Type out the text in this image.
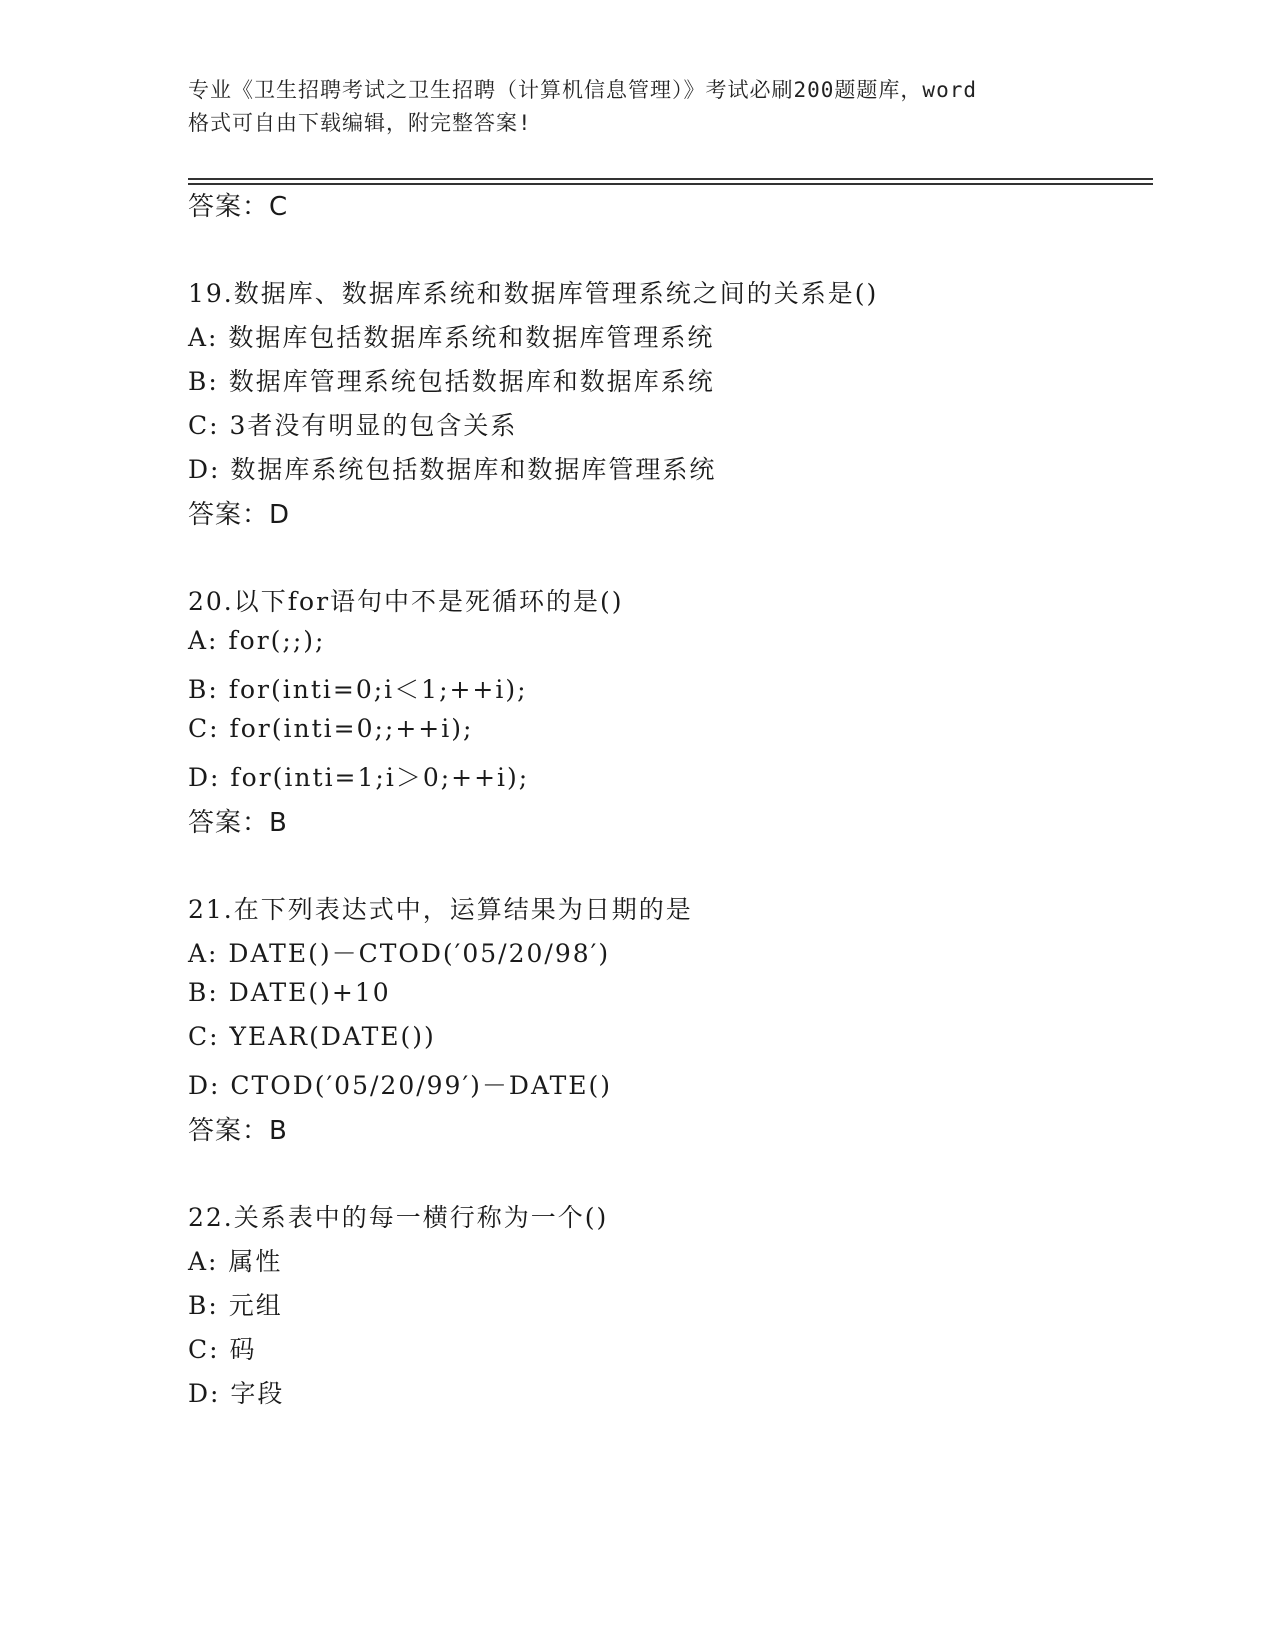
专业《卫生招聘考试之卫生招聘（计算机信息管理）》考试必刷200题题库，word
格式可自由下载编辑，附完整答案!
答案：C
19.数据库、数据库系统和数据库管理系统之间的关系是()
A: 数据库包括数据库系统和数据库管理系统
B: 数据库管理系统包括数据库和数据库系统
C: 3者没有明显的包含关系
D: 数据库系统包括数据库和数据库管理系统
答案：D
20.以下for语句中不是死循环的是()
A: for(;;);
B: for(inti=0;i＜1;++i);
C: for(inti=0;;++i);
D: for(inti=1;i＞0;++i);
答案：B
21.在下列表达式中，运算结果为日期的是
A: DATE()－CTOD(′05/20/98′)
B: DATE()+10
C: YEAR(DATE())
D: CTOD(′05/20/99′)－DATE()
答案：B
22.关系表中的每一横行称为一个()
A: 属性
B: 元组
C: 码
D: 字段
